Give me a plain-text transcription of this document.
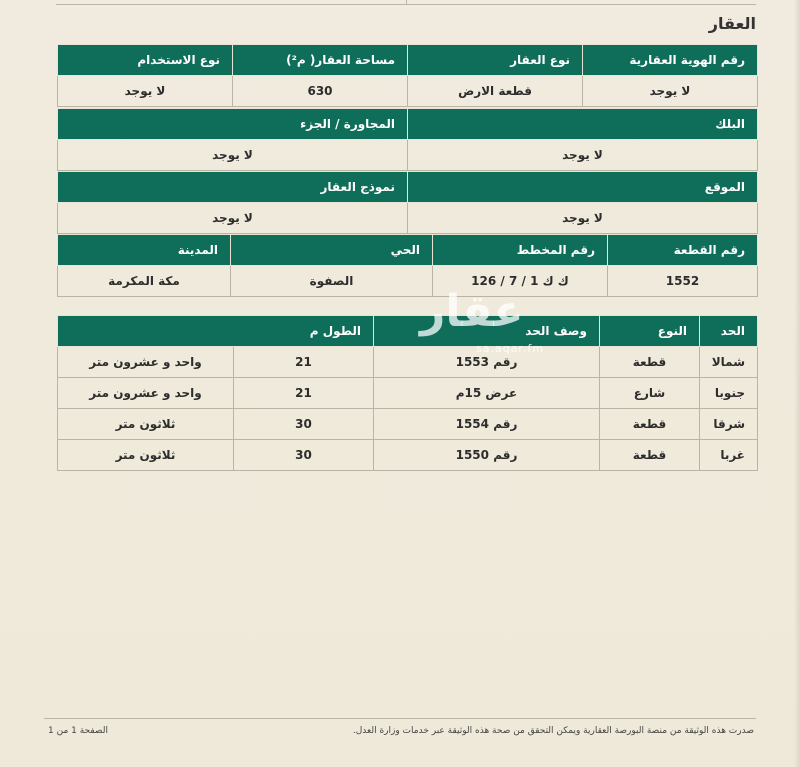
العقار
رقم الهوية العقارية	نوع العقار	مساحة العقار( م²)	نوع الاستخدام
لا يوجد	قطعة الارض	630	لا يوجد
البلك	المجاورة / الجزء
لا يوجد	لا يوجد
الموقع	نموذج العقار
لا يوجد	لا يوجد
رقم القطعة	رقم المخطط	الحي	المدينة
1552	ك ك 1 / 7 / 126	الصفوة	مكة المكرمة
الحد	النوع	وصف الحد	الطول م	
شمالا	قطعة	رقم 1553	21	واحد و عشرون متر
جنوبا	شارع	عرض 15م	21	واحد و عشرون متر
شرقا	قطعة	رقم 1554	30	ثلاثون متر
غربا	قطعة	رقم 1550	30	ثلاثون متر
عقار
sa.aqar.fm
صدرت هذه الوثيقة من منصة البورصة العقارية ويمكن التحقق من صحة هذه الوثيقة عبر خدمات وزارة العدل.
الصفحة 1 من 1
